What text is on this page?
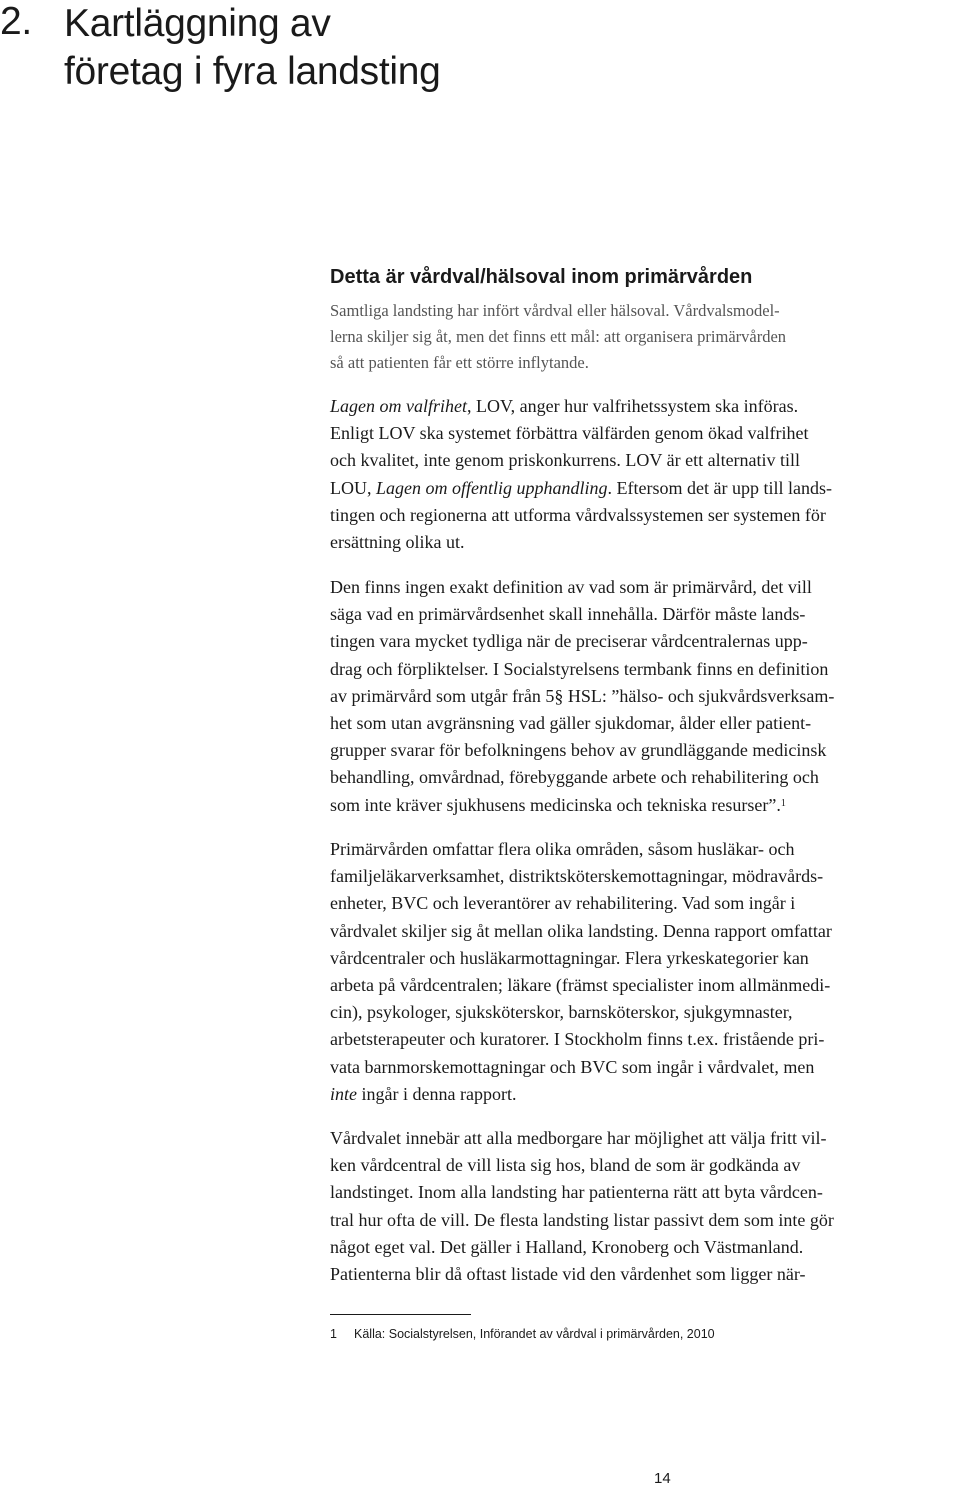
2. Kartläggning av
företag i fyra landsting
Detta är vårdval/hälsoval inom primärvården

Samtliga landsting har infört vårdval eller hälsoval. Vårdvalsmodel-
lerna skiljer sig åt, men det finns ett mål: att organisera primärvården
så att patienten får ett större inflytande.

Lagen om valfrihet, LOV, anger hur valfrihetssystem ska införas.
Enligt LOV ska systemet förbättra välfärden genom ökad valfrihet
och kvalitet, inte genom priskonkurrens. LOV är ett alternativ till
LOU, Lagen om offentlig upphandling. Eftersom det är upp till lands-
tingen och regionerna att utforma vårdvalssystemen ser systemen för
ersättning olika ut.

Den finns ingen exakt definition av vad som är primärvård, det vill
säga vad en primärvårdsenhet skall innehålla. Därför måste lands-
tingen vara mycket tydliga när de preciserar vårdcentralernas upp-
drag och förpliktelser. I Socialstyrelsens termbank finns en definition
av primärvård som utgår från 5§ HSL: ”hälso- och sjukvårdsverksam-
het som utan avgränsning vad gäller sjukdomar, ålder eller patient-
grupper svarar för befolkningens behov av grundläggande medicinsk
behandling, omvårdnad, förebyggande arbete och rehabilitering och
som inte kräver sjukhusens medicinska och tekniska resurser”.$^1$

Primärvården omfattar flera olika områden, såsom husläkar- och
familjeläkarverksamhet, distriktsköterskemottagningar, mödravårds-
enheter, BVC och leverantörer av rehabilitering. Vad som ingår i
vårdvalet skiljer sig åt mellan olika landsting. Denna rapport omfattar
vårdcentraler och husläkarmottagningar. Flera yrkeskategorier kan
arbeta på vårdcentralen; läkare (främst specialister inom allmänmedi-
cin), psykologer, sjuksköterskor, barnsköterskor, sjukgymnaster,
arbetsterapeuter och kuratorer. I Stockholm finns t.ex. fristående pri-
vata barnmorskemottagningar och BVC som ingår i vårdvalet, men
inte ingår i denna rapport.

Vårdvalet innebär att alla medborgare har möjlighet att välja fritt vil-
ken vårdcentral de vill lista sig hos, bland de som är godkända av
landstinget. Inom alla landsting har patienterna rätt att byta vårdcen-
tral hur ofta de vill. De flesta landsting listar passivt dem som inte gör
något eget val. Det gäller i Halland, Kronoberg och Västmanland.
Patienterna blir då oftast listade vid den vårdenhet som ligger när-

1 Källa: Socialstyrelsen, Införandet av vårdval i primärvården, 2010
14
